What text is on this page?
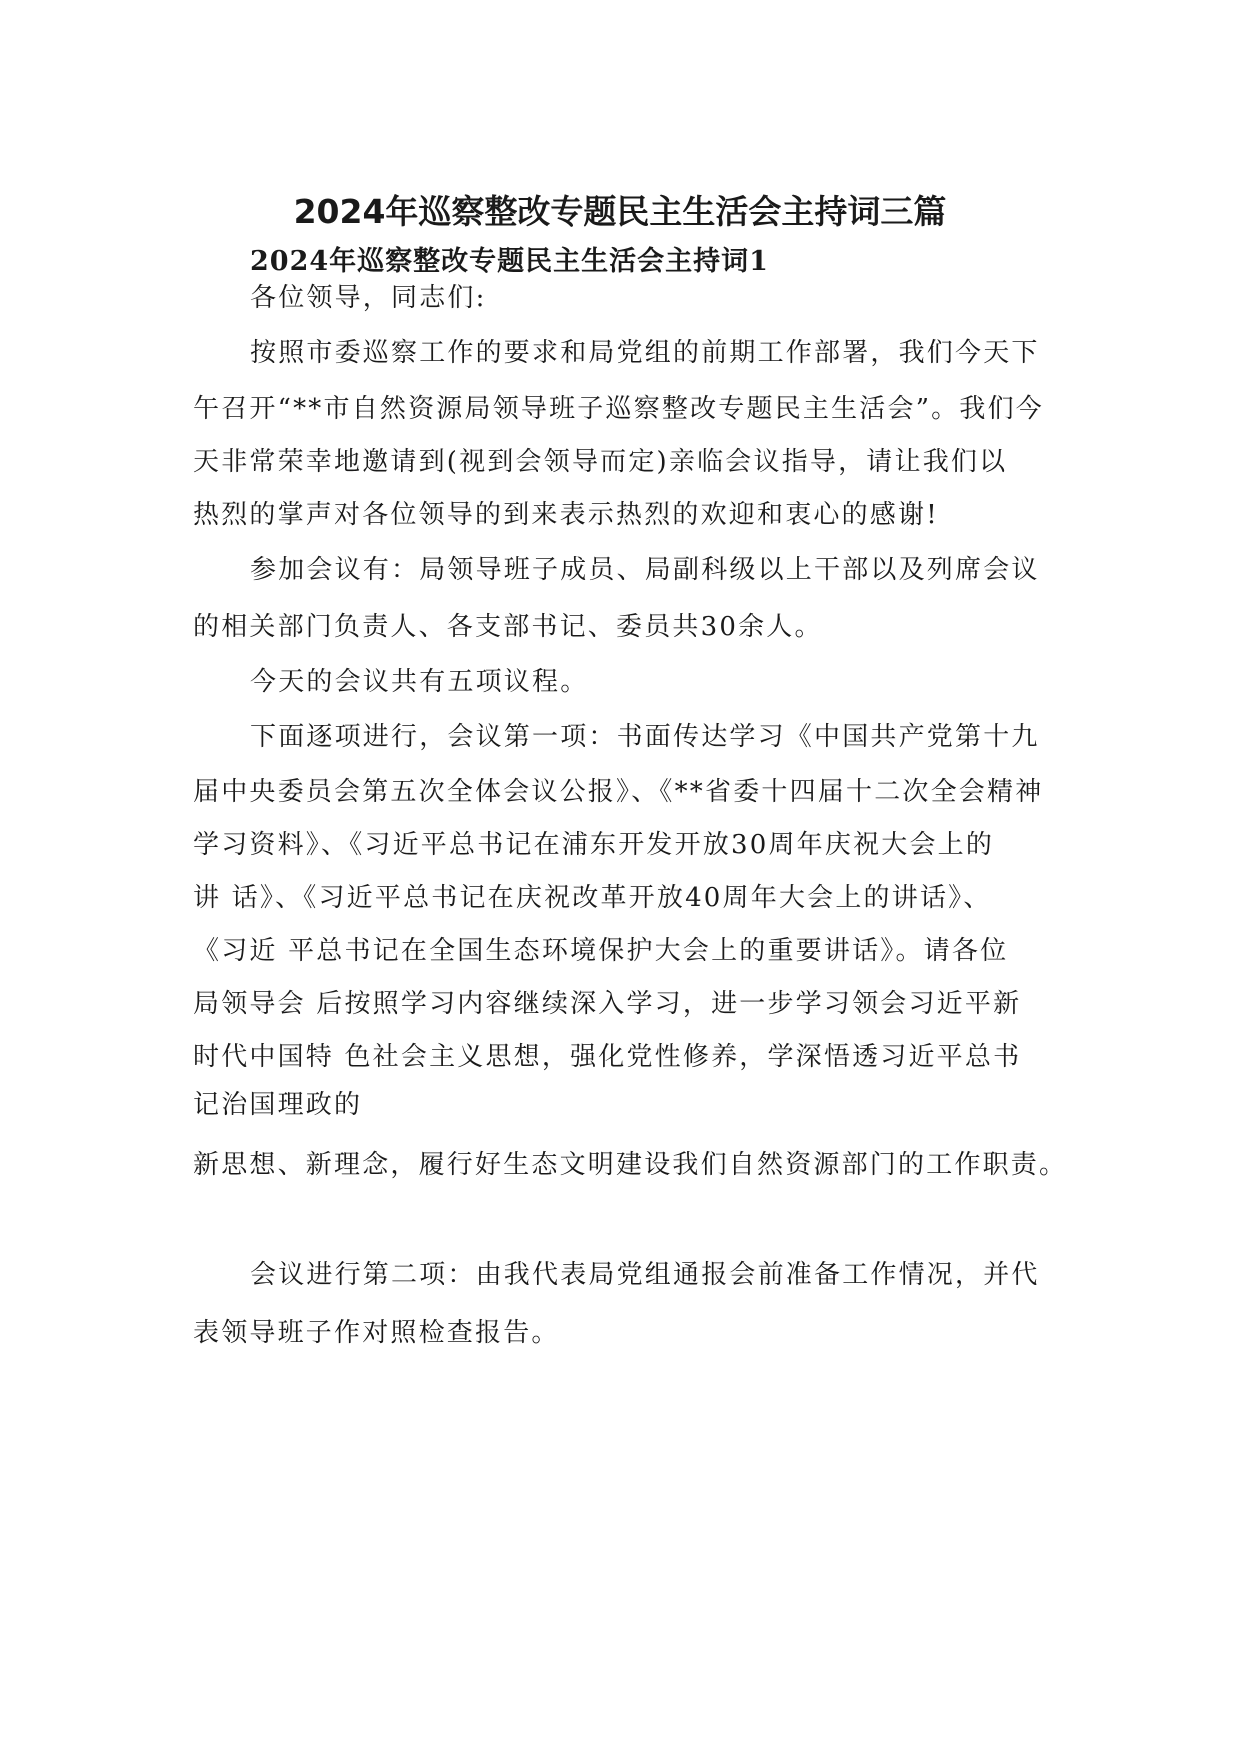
2024年巡察整改专题民主生活会主持词三篇
2024年巡察整改专题民主生活会主持词1
各位领导，同志们:
按照市委巡察工作的要求和局党组的前期工作部署，我们今天下
午召开“**市自然资源局领导班子巡察整改专题民主生活会”。我们今
天非常荣幸地邀请到(视到会领导而定)亲临会议指导，请让我们以
热烈的掌声对各位领导的到来表示热烈的欢迎和衷心的感谢!
参加会议有：局领导班子成员、局副科级以上干部以及列席会议
的相关部门负责人、各支部书记、委员共30余人。
今天的会议共有五项议程。
下面逐项进行，会议第一项：书面传达学习《中国共产党第十九
届中央委员会第五次全体会议公报》、《**省委十四届十二次全会精神
学习资料》、《习近平总书记在浦东开发开放30周年庆祝大会上的
讲 话》、《习近平总书记在庆祝改革开放40周年大会上的讲话》、
《习近 平总书记在全国生态环境保护大会上的重要讲话》。请各位
局领导会 后按照学习内容继续深入学习，进一步学习领会习近平新
时代中国特 色社会主义思想，强化党性修养，学深悟透习近平总书
记治国理政的
新思想、新理念，履行好生态文明建设我们自然资源部门的工作职责。
会议进行第二项：由我代表局党组通报会前准备工作情况，并代
表领导班子作对照检查报告。
